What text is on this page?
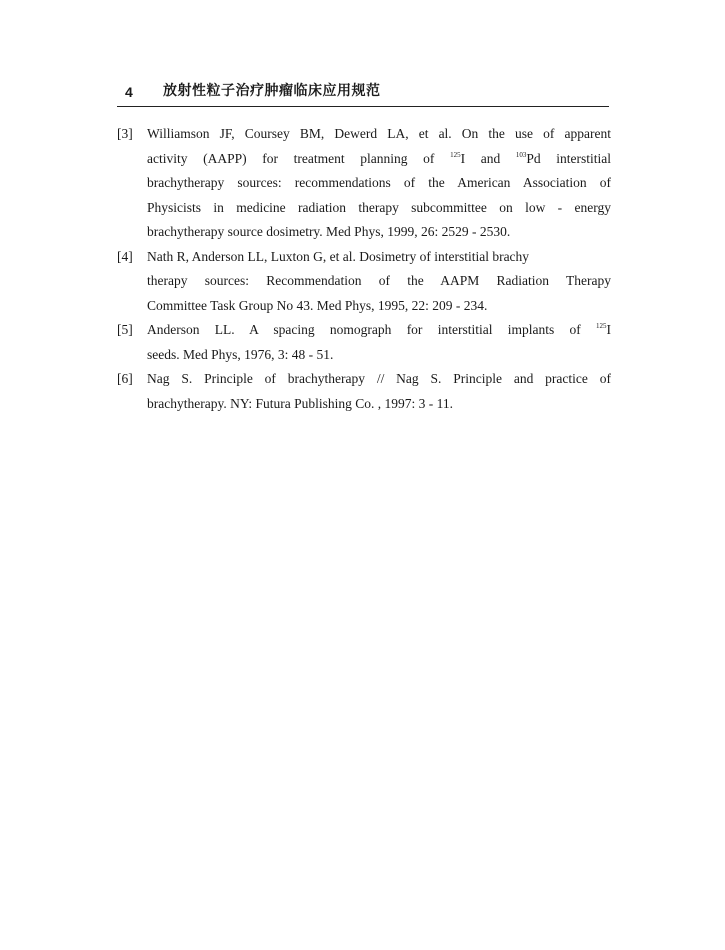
4	放射性粒子治疗肿瘤临床应用规范
[3]	Williamson JF, Coursey BM, Dewerd LA, et al. On the use of apparent
activity (AAPP) for treatment planning of $^{125}$I and $^{103}$Pd interstitial
brachytherapy sources: recommendations of the American Association of
Physicists in medicine radiation therapy subcommittee on low - energy
brachytherapy source dosimetry. Med Phys, 1999, 26: 2529 - 2530.
[4]	Nath R, Anderson LL, Luxton G, et al. Dosimetry of interstitial brachy
therapy sources: Recommendation of the AAPM Radiation Therapy
Committee Task Group No 43. Med Phys, 1995, 22: 209 - 234.
[5]	Anderson LL. A spacing nomograph for interstitial implants of $^{125}$I
seeds. Med Phys, 1976, 3: 48 - 51.
[6]	Nag S. Principle of brachytherapy // Nag S. Principle and practice of
brachytherapy. NY: Futura Publishing Co. , 1997: 3 - 11.
